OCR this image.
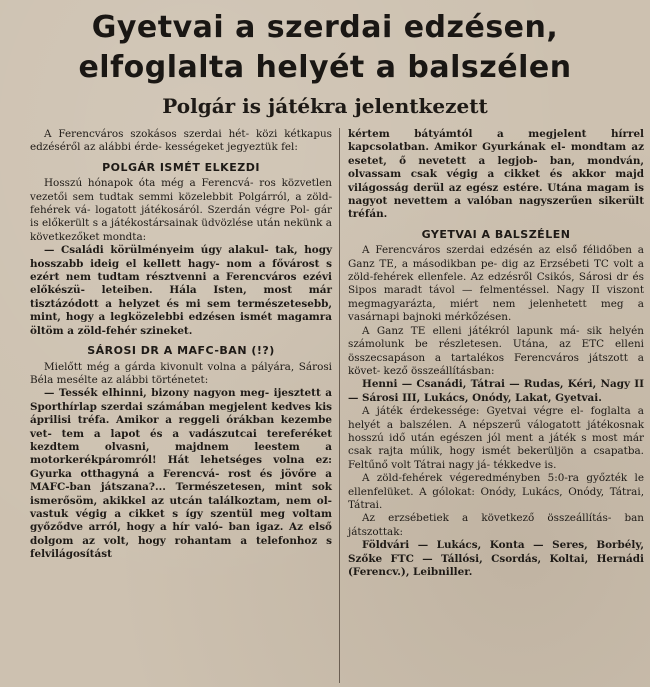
Gyetvai a szerdai edzésen,
elfoglalta helyét a balszélen
Polgár is játékra jelentkezett

A Ferencváros szokásos szerdai hét- közi kétkapus edzéséről az alábbi érde- kességeket jegyeztük fel:

POLGÁR ISMÉT ELKEZDI

Hosszú hónapok óta még a Ferencvá- ros közvetlen vezetői sem tudtak semmi közelebbit Polgárról, a zöld-fehérek vá- logatott játékosáról. Szerdán végre Pol- gár is előkerült s a játékostársainak üdvözlése után nekünk a következőket mondta:

— Családi körülményeim úgy alakul- tak, hogy hosszabb ideig el kellett hagy- nom a fővárost s ezért nem tudtam résztvenni a Ferencváros ezévi előkészü- leteiben. Hála Isten, most már tisztázódott a helyzet és mi sem természetesebb, mint, hogy a legközelebbi edzésen ismét magamra öltöm a zöld-fehér szineket.

SÁROSI DR A MAFC-BAN (!?)

Mielőtt még a gárda kivonult volna a pályára, Sárosi Béla mesélte az alábbi történetet:

— Tessék elhinni, bizony nagyon meg- ijesztett a Sporthírlap szerdai számában megjelent kedves kis áprilisi tréfa. Amikor a reggeli órákban kezembe vet- tem a lapot és a vadászutcai tereferéket kezdtem olvasni, majdnem leestem a motorkerékpáromról! Hát lehetséges volna ez: Gyurka otthagyná a Ferencvá- rost és jövőre a MAFC-ban játszana?... Természetesen, mint sok ismerősöm, akikkel az utcán találkoztam, nem ol- vastuk végig a cikket s így szentül meg voltam győződve arról, hogy a hír való- ban igaz. Az első dolgom az volt, hogy rohantam a telefonhoz s felvilágosítást

kértem bátyámtól a megjelent hírrel kapcsolatban. Amikor Gyurkának el- mondtam az esetet, ő nevetett a legjob- ban, mondván, olvassam csak végig a cikket és akkor majd világosság derül az egész estére. Utána magam is nagyot nevettem a valóban nagyszerűen sikerült tréfán.

GYETVAI A BALSZÉLEN

A Ferencváros szerdai edzésén az első félidőben a Ganz TE, a másodikban pe- dig az Erzsébeti TC volt a zöld-fehérek ellenfele. Az edzésről Csikós, Sárosi dr és Sipos maradt távol — felmentéssel. Nagy II viszont megmagyarázta, miért nem jelenhetett meg a vasárnapi bajnoki mérkőzésen.

A Ganz TE elleni játékról lapunk má- sik helyén számolunk be részletesen. Utána, az ETC elleni összecsapáson a tartalékos Ferencváros játszott a követ- kező összeállításban:

Henni — Csanádi, Tátrai — Rudas, Kéri, Nagy II — Sárosi III, Lukács, Onódy, Lakat, Gyetvai.

A játék érdekessége: Gyetvai végre el- foglalta a helyét a balszélen. A népszerű válogatott játékosnak hosszú idő után egészen jól ment a játék s most már csak rajta múlik, hogy ismét bekerüljön a csapatba. Feltűnő volt Tátrai nagy já- tékkedve is.

A zöld-fehérek végeredményben 5:0-ra győzték le ellenfelüket. A gólokat: Onódy, Lukács, Onódy, Tátrai, Tátrai.

Az erzsébetiek a következő összeállítás- ban játszottak:

Földvári — Lukács, Konta — Seres, Borbély, Szőke FTC — Tállósi, Csordás, Koltai, Hernádi (Ferencv.), Leibniller.
